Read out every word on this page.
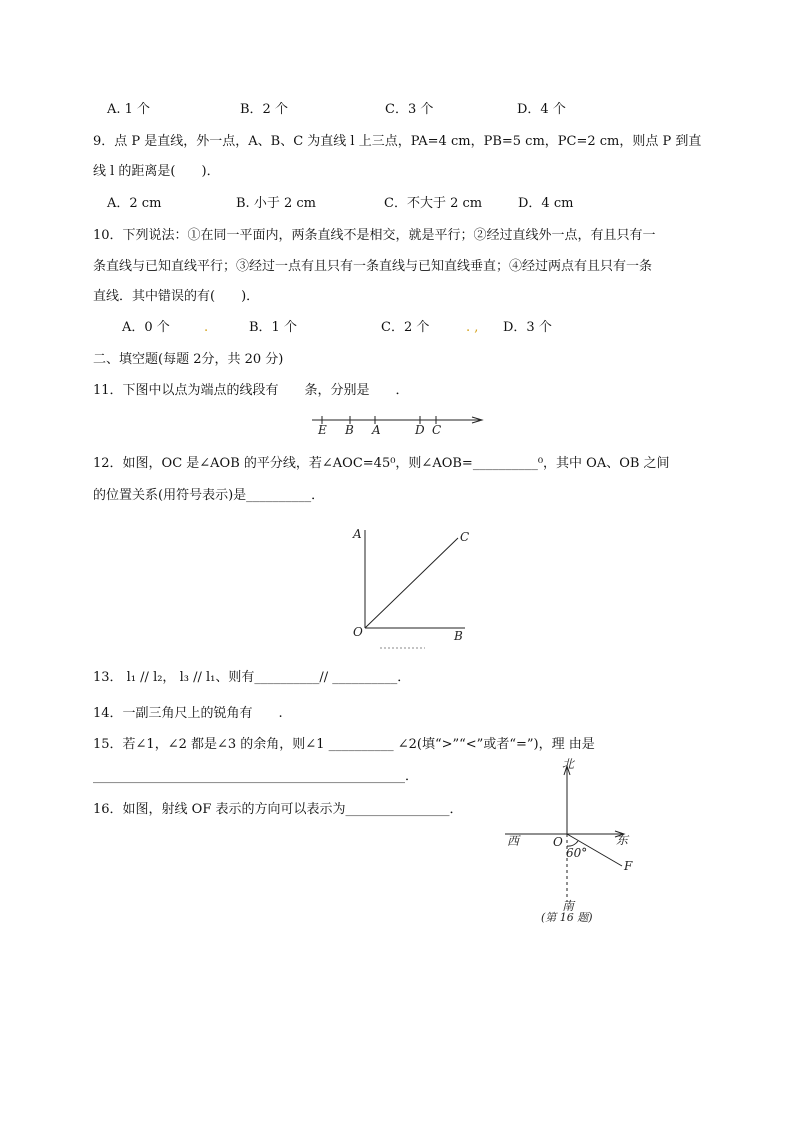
A. 1 个	B．2 个	C．3 个	D．4 个
9．点 P 是直线，外一点，A、B、C 为直线 l 上三点，PA=4 cm，PB=5 cm，PC=2 cm，则点 P 到直
线 l 的距离是(　　)．
A．2 cm	B. 小于 2 cm	C．不大于 2 cm	D．4 cm
10．下列说法：①在同一平面内，两条直线不是相交，就是平行；②经过直线外一点，有且只有一
条直线与已知直线平行；③经过一点有且只有一条直线与已知直线垂直；④经过两点有且只有一条
直线．其中错误的有(　　)．
A．0 个	.	B．1 个	C．2 个	. , D．3 个
二、填空题(每题 2分，共 20 分)
11．下图中以点为端点的线段有　　条，分别是　　．
E B A	D C
12．如图，OC 是∠AOB 的平分线，若∠AOC=45⁰，则∠AOB=__________⁰，其中 OA、OB 之间
的位置关系(用符号表示)是__________．
A	C
O	B
13． l₁ // l₂， l₃ // l₁、则有__________// __________．
14．一副三角尺上的锐角有　　.
15．若∠1，∠2 都是∠3 的余角，则∠1 __________ ∠2(填“>”“<”或者“=”)，理 由是
________________________________________________．
16．如图，射线 OF 表示的方向可以表示为________________．
北
西	东
南
O
60°
F
(第 16 题)
